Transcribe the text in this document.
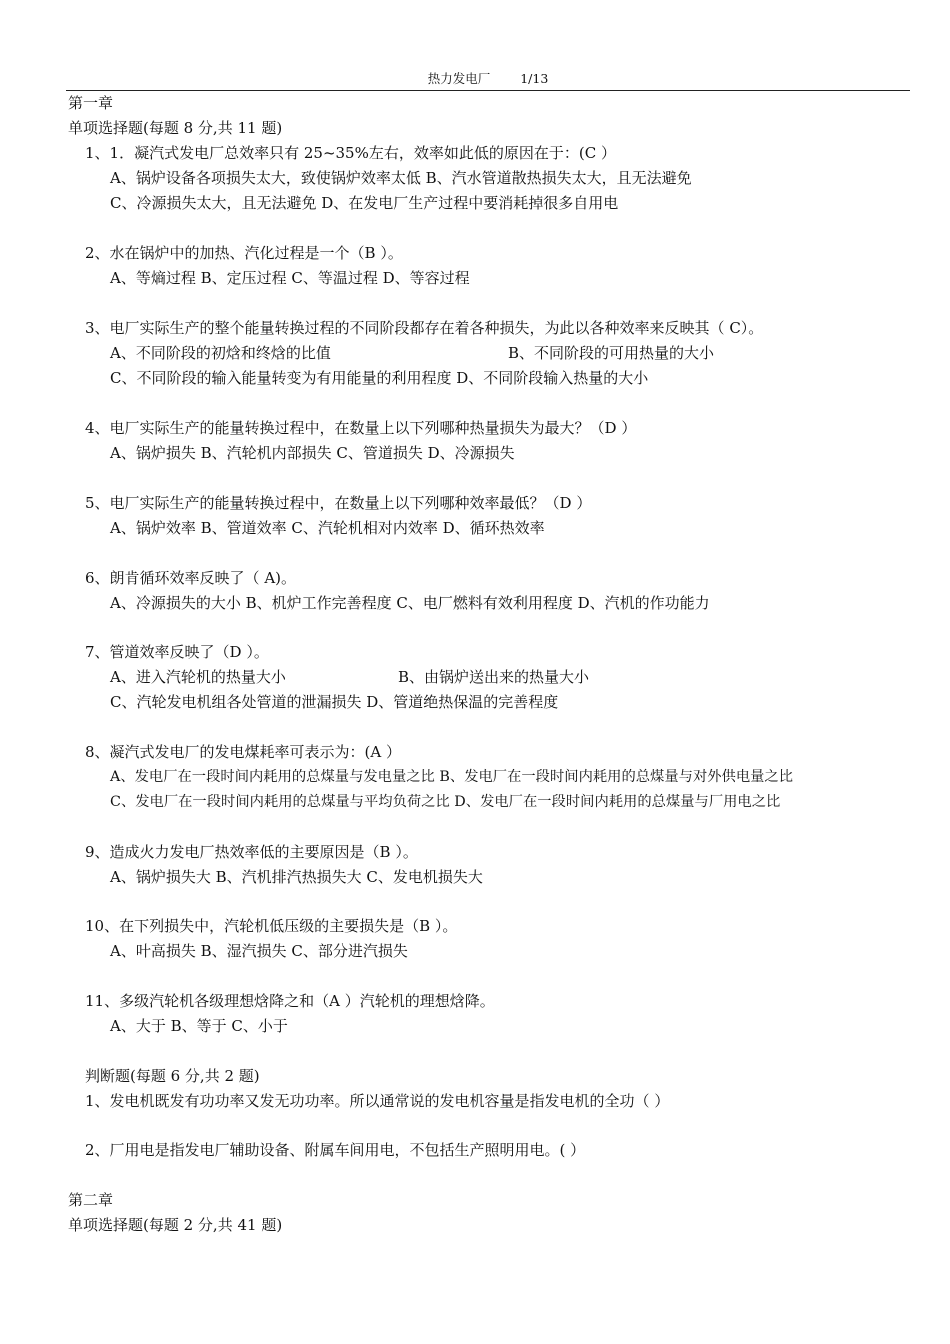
热力发电厂 1/13
第一章
单项选择题(每题 8 分,共 11 题)
1、1．凝汽式发电厂总效率只有 25~35%左右，效率如此低的原因在于：(C ）
A、锅炉设备各项损失太大，致使锅炉效率太低 B、汽水管道散热损失太大，且无法避免
C、冷源损失太大，且无法避免 D、在发电厂生产过程中要消耗掉很多自用电
2、水在锅炉中的加热、汽化过程是一个（B ）。
A、等熵过程 B、定压过程 C、等温过程 D、等容过程
3、电厂实际生产的整个能量转换过程的不同阶段都存在着各种损失，为此以各种效率来反映其（ C）。
A、不同阶段的初焓和终焓的比值	B、不同阶段的可用热量的大小
C、不同阶段的输入能量转变为有用能量的利用程度 D、不同阶段输入热量的大小
4、电厂实际生产的能量转换过程中，在数量上以下列哪种热量损失为最大？（D ）
A、锅炉损失 B、汽轮机内部损失 C、管道损失 D、冷源损失
5、电厂实际生产的能量转换过程中，在数量上以下列哪种效率最低？（D ）
A、锅炉效率 B、管道效率 C、汽轮机相对内效率 D、循环热效率
6、朗肯循环效率反映了（ A)。
A、冷源损失的大小 B、机炉工作完善程度 C、电厂燃料有效利用程度 D、汽机的作功能力
7、管道效率反映了（D ）。
A、进入汽轮机的热量大小	B、由锅炉送出来的热量大小
C、汽轮发电机组各处管道的泄漏损失 D、管道绝热保温的完善程度
8、凝汽式发电厂的发电煤耗率可表示为：(A ）
A、发电厂在一段时间内耗用的总煤量与发电量之比 B、发电厂在一段时间内耗用的总煤量与对外供电量之比
C、发电厂在一段时间内耗用的总煤量与平均负荷之比 D、发电厂在一段时间内耗用的总煤量与厂用电之比
9、造成火力发电厂热效率低的主要原因是（B ）。
A、锅炉损失大 B、汽机排汽热损失大 C、发电机损失大
10、在下列损失中，汽轮机低压级的主要损失是（B ）。
A、叶高损失 B、湿汽损失 C、部分进汽损失
11、多级汽轮机各级理想焓降之和（A ）汽轮机的理想焓降。
A、大于 B、等于 C、小于
判断题(每题 6 分,共 2 题)
1、发电机既发有功功率又发无功功率。所以通常说的发电机容量是指发电机的全功（ ）
2、厂用电是指发电厂辅助设备、附属车间用电，不包括生产照明用电。( ）
第二章
单项选择题(每题 2 分,共 41 题)
